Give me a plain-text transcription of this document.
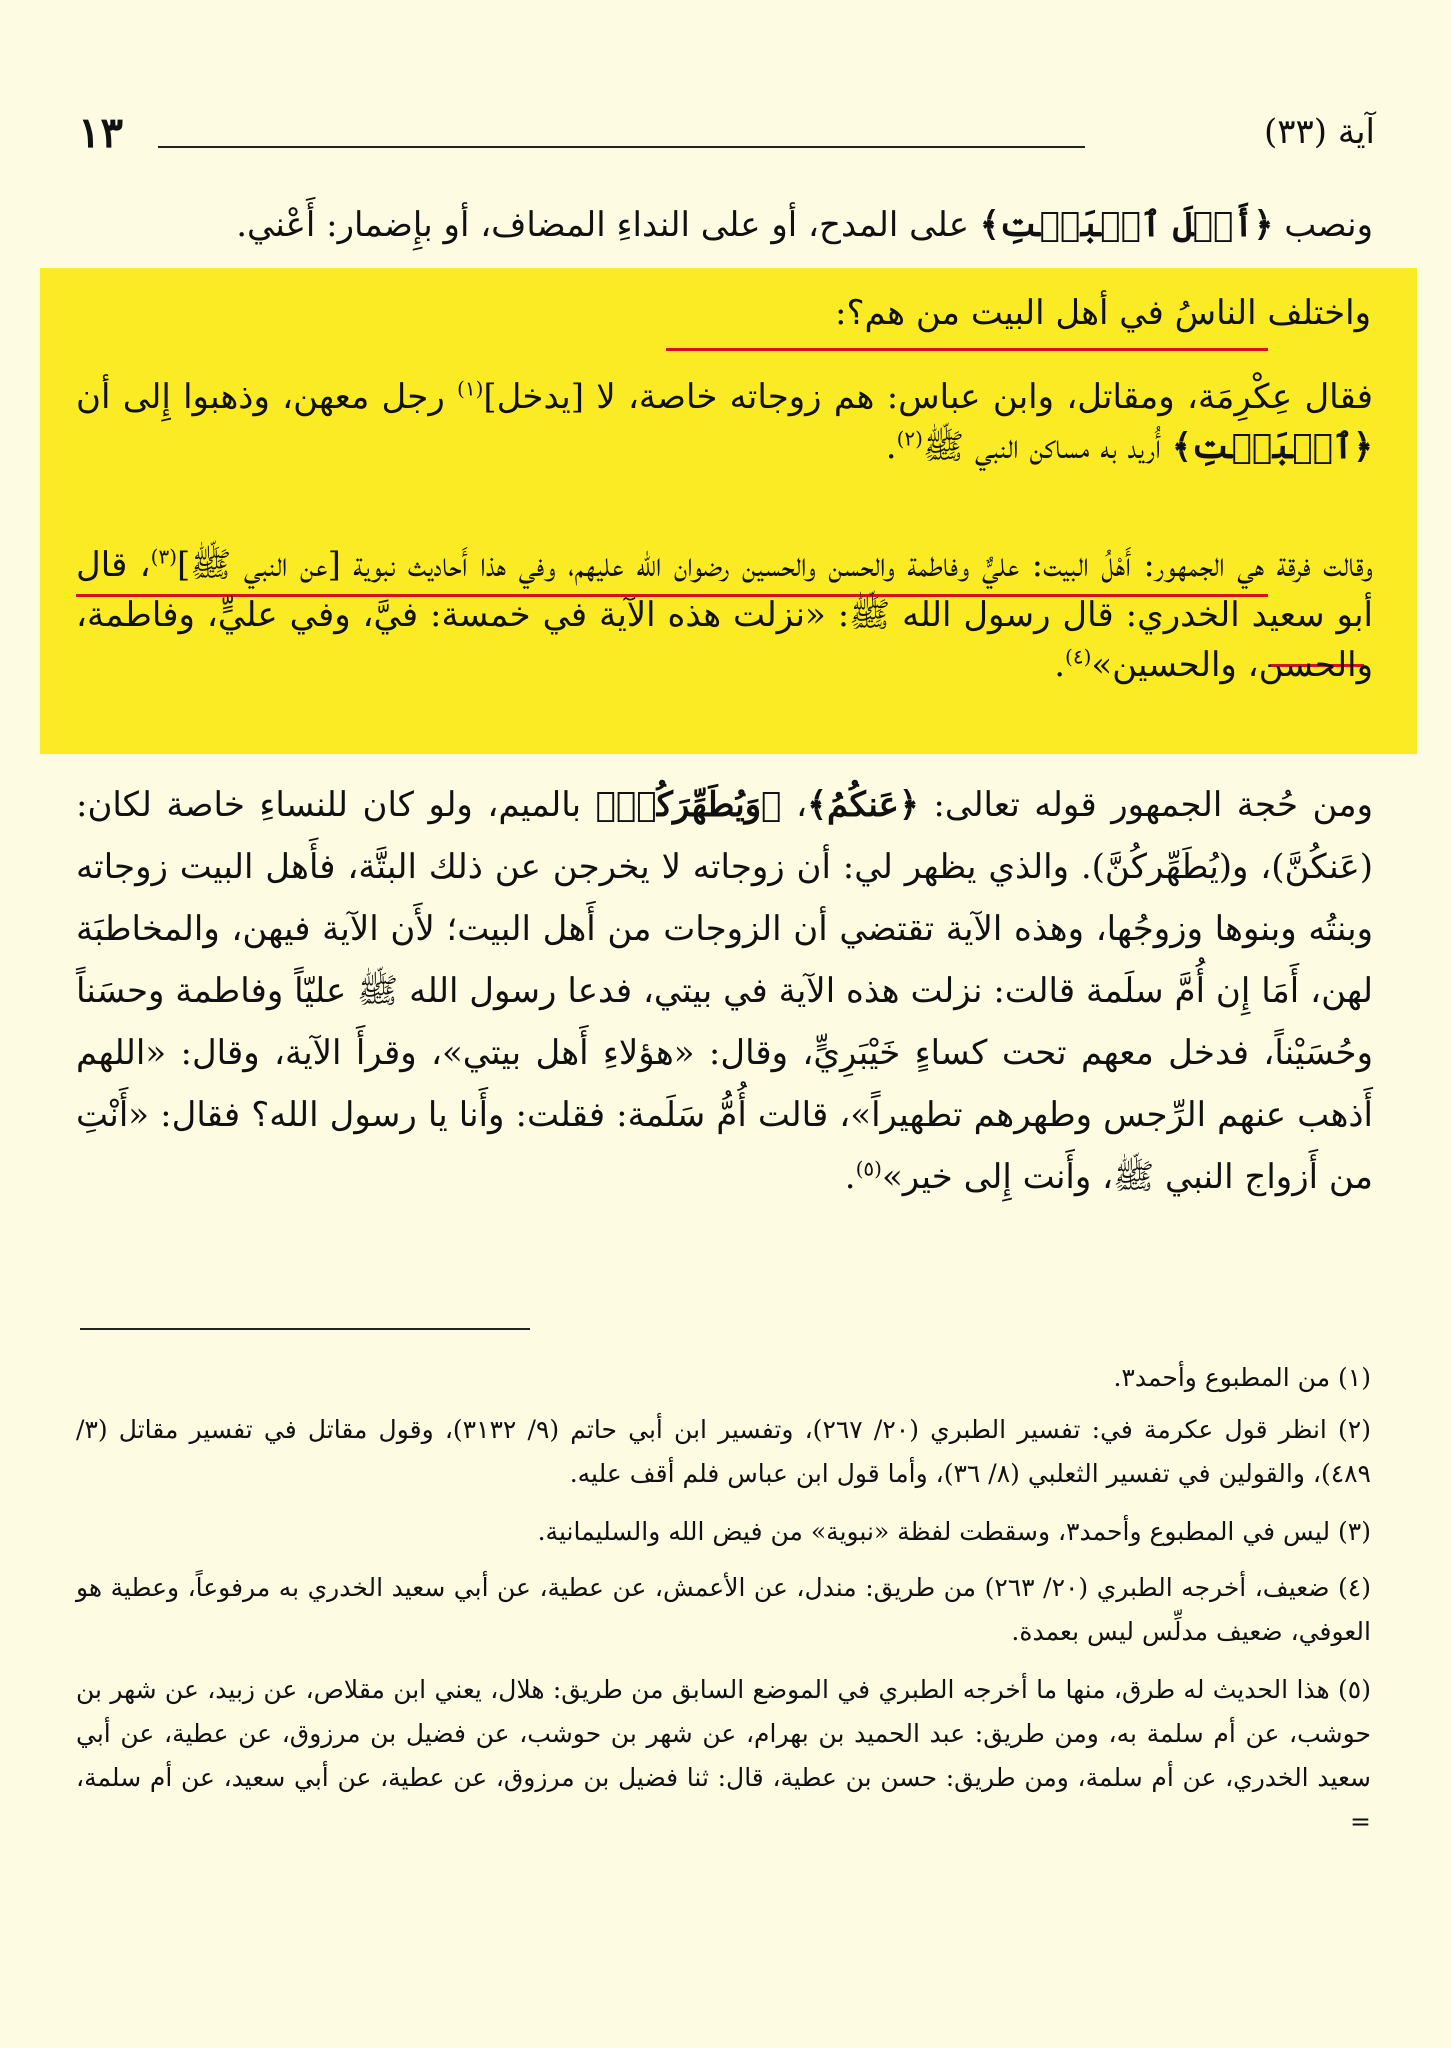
آية (٣٣)
١٣

ونصب ﴿أَهۡلَ ٱلۡبَيۡتِ﴾ على المدح، أو على النداءِ المضاف، أو بإِضمار: أَعْني.

واختلف الناسُ في أهل البيت من هم؟:

فقال عِكْرِمَة، ومقاتل، وابن عباس: هم زوجاته خاصة، لا [يدخل]$^{(١)}$ رجل معهن، وذهبوا إِلى أن ﴿ٱلۡبَيۡتِ﴾ أُريد به مساكن النبي ﷺ$^{(٢)}$.

وقالت فرقة هي الجمهور: أَهْلُ البيت: عليٌّ وفاطمة والحسن والحسين رضوان الله عليهم، وفي هذا أَحاديث نبوية [عن النبي ﷺ]$^{(٣)}$، قال أبو سعيد الخدري: قال رسول الله ﷺ: «نزلت هذه الآية في خمسة: فيَّ، وفي عليٍّ، وفاطمة، والحسن، والحسين»$^{(٤)}$.

ومن حُجة الجمهور قوله تعالى: ﴿عَنكُمُ﴾، ﴿وَيُطَهِّرَكُمۡ﴾ بالميم، ولو كان للنساءِ خاصة لكان: (عَنكُنَّ)، و(يُطَهِّركُنَّ). والذي يظهر لي: أن زوجاته لا يخرجن عن ذلك البتَّة، فأَهل البيت زوجاته وبنتُه وبنوها وزوجُها، وهذه الآية تقتضي أن الزوجات من أَهل البيت؛ لأَن الآية فيهن، والمخاطبَة لهن، أَمَا إِن أُمَّ سلَمة قالت: نزلت هذه الآية في بيتي، فدعا رسول الله ﷺ عليّاً وفاطمة وحسَناً وحُسَيْناً، فدخل معهم تحت كساءٍ خَيْبَرِيٍّ، وقال: «هؤلاءِ أَهل بيتي»، وقرأَ الآية، وقال: «اللهم أَذهب عنهم الرِّجس وطهرهم تطهيراً»، قالت أُمُّ سَلَمة: فقلت: وأَنا يا رسول الله؟ فقال: «أَنْتِ من أَزواج النبي ﷺ، وأَنت إِلى خير»$^{(٥)}$.

(١) من المطبوع وأحمد٣.

(٢) انظر قول عكرمة في: تفسير الطبري (٢٠/ ٢٦٧)، وتفسير ابن أبي حاتم (٩/ ٣١٣٢)، وقول مقاتل في تفسير مقاتل (٣/ ٤٨٩)، والقولين في تفسير الثعلبي (٨/ ٣٦)، وأما قول ابن عباس فلم أقف عليه.

(٣) ليس في المطبوع وأحمد٣، وسقطت لفظة «نبوية» من فيض الله والسليمانية.

(٤) ضعيف، أخرجه الطبري (٢٠/ ٢٦٣) من طريق: مندل، عن الأعمش، عن عطية، عن أبي سعيد الخدري به مرفوعاً، وعطية هو العوفي، ضعيف مدلِّس ليس بعمدة.

(٥) هذا الحديث له طرق، منها ما أخرجه الطبري في الموضع السابق من طريق: هلال، يعني ابن مقلاص، عن زبيد، عن شهر بن حوشب، عن أم سلمة به، ومن طريق: عبد الحميد بن بهرام، عن شهر بن حوشب، عن فضيل بن مرزوق، عن عطية، عن أبي سعيد الخدري، عن أم سلمة، ومن طريق: حسن بن عطية، قال: ثنا فضيل بن مرزوق، عن عطية، عن أبي سعيد، عن أم سلمة، =
